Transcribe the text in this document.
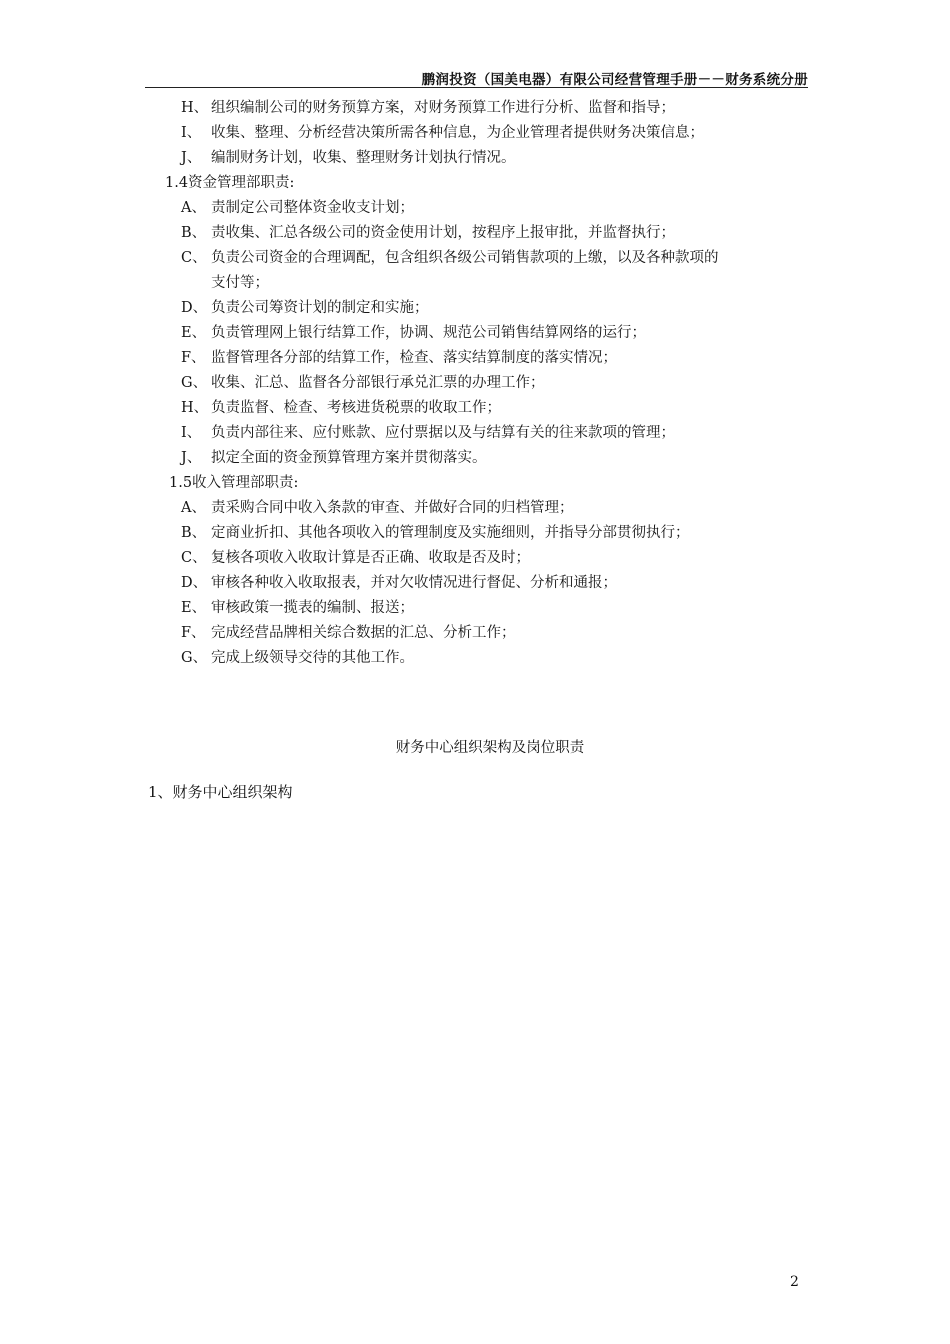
鹏润投资（国美电器）有限公司经营管理手册－－财务系统分册
H、 组织编制公司的财务预算方案，对财务预算工作进行分析、监督和指导；
I、 收集、整理、分析经营决策所需各种信息，为企业管理者提供财务决策信息；
J、 编制财务计划，收集、整理财务计划执行情况。
1.4资金管理部职责:
A、 责制定公司整体资金收支计划；
B、 责收集、汇总各级公司的资金使用计划，按程序上报审批，并监督执行；
C、 负责公司资金的合理调配，包含组织各级公司销售款项的上缴，以及各种款项的
支付等；
D、 负责公司筹资计划的制定和实施；
E、 负责管理网上银行结算工作，协调、规范公司销售结算网络的运行；
F、 监督管理各分部的结算工作，检查、落实结算制度的落实情况；
G、 收集、汇总、监督各分部银行承兑汇票的办理工作；
H、 负责监督、检查、考核进货税票的收取工作；
I、 负责内部往来、应付账款、应付票据以及与结算有关的往来款项的管理；
J、 拟定全面的资金预算管理方案并贯彻落实。
1.5收入管理部职责:
A、 责采购合同中收入条款的审查、并做好合同的归档管理；
B、 定商业折扣、其他各项收入的管理制度及实施细则，并指导分部贯彻执行；
C、 复核各项收入收取计算是否正确、收取是否及时；
D、 审核各种收入收取报表，并对欠收情况进行督促、分析和通报；
E、 审核政策一揽表的编制、报送；
F、 完成经营品牌相关综合数据的汇总、分析工作；
G、 完成上级领导交待的其他工作。
财务中心组织架构及岗位职责
1、财务中心组织架构
2
